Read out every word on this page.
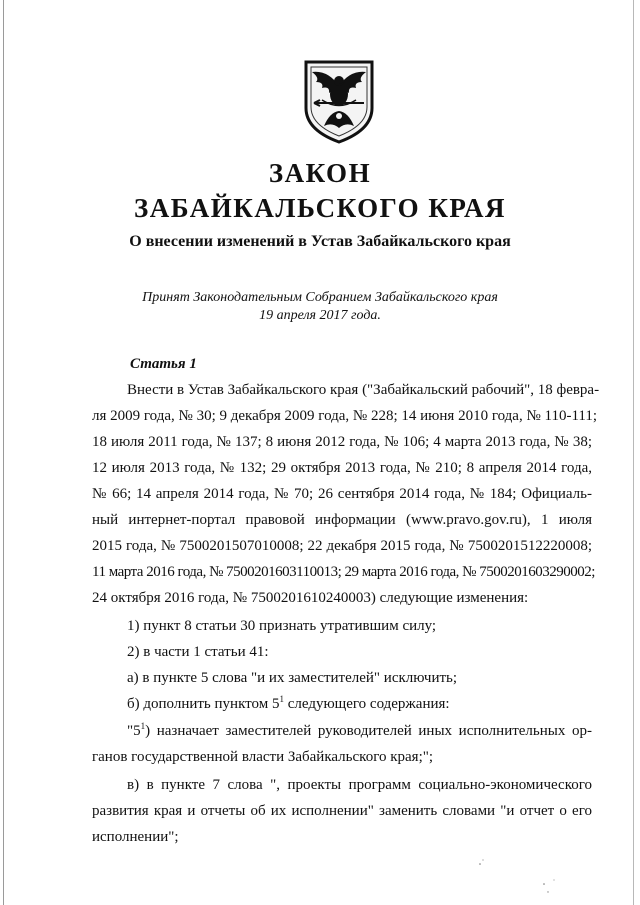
ЗАКОН
ЗАБАЙКАЛЬСКОГО КРАЯ
О внесении изменений в Устав Забайкальского края
Принят Законодательным Собранием Забайкальского края
19 апреля 2017 года.
Статья 1
Внести в Устав Забайкальского края ("Забайкальский рабочий", 18 февра-
ля 2009 года, № 30; 9 декабря 2009 года, № 228; 14 июня 2010 года, № 110-111;
18 июля 2011 года, № 137; 8 июня 2012 года, № 106; 4 марта 2013 года, № 38;
12 июля 2013 года, № 132; 29 октября 2013 года, № 210; 8 апреля 2014 года,
№ 66; 14 апреля 2014 года, № 70; 26 сентября 2014 года, № 184; Официаль-
ный интернет-портал правовой информации (www.pravo.gov.ru), 1 июля
2015 года, № 7500201507010008; 22 декабря 2015 года, № 7500201512220008;
11 марта 2016 года, № 7500201603110013; 29 марта 2016 года, № 7500201603290002;
24 октября 2016 года, № 7500201610240003) следующие изменения:
1) пункт 8 статьи 30 признать утратившим силу;
2) в части 1 статьи 41:
а) в пункте 5 слова "и их заместителей" исключить;
б) дополнить пунктом $5^1$ следующего содержания:
"$5^1$) назначает заместителей руководителей иных исполнительных ор-
ганов государственной власти Забайкальского края;";
в) в пункте 7 слова ", проекты программ социально-экономического
развития края и отчеты об их исполнении" заменить словами "и отчет о его
исполнении";
